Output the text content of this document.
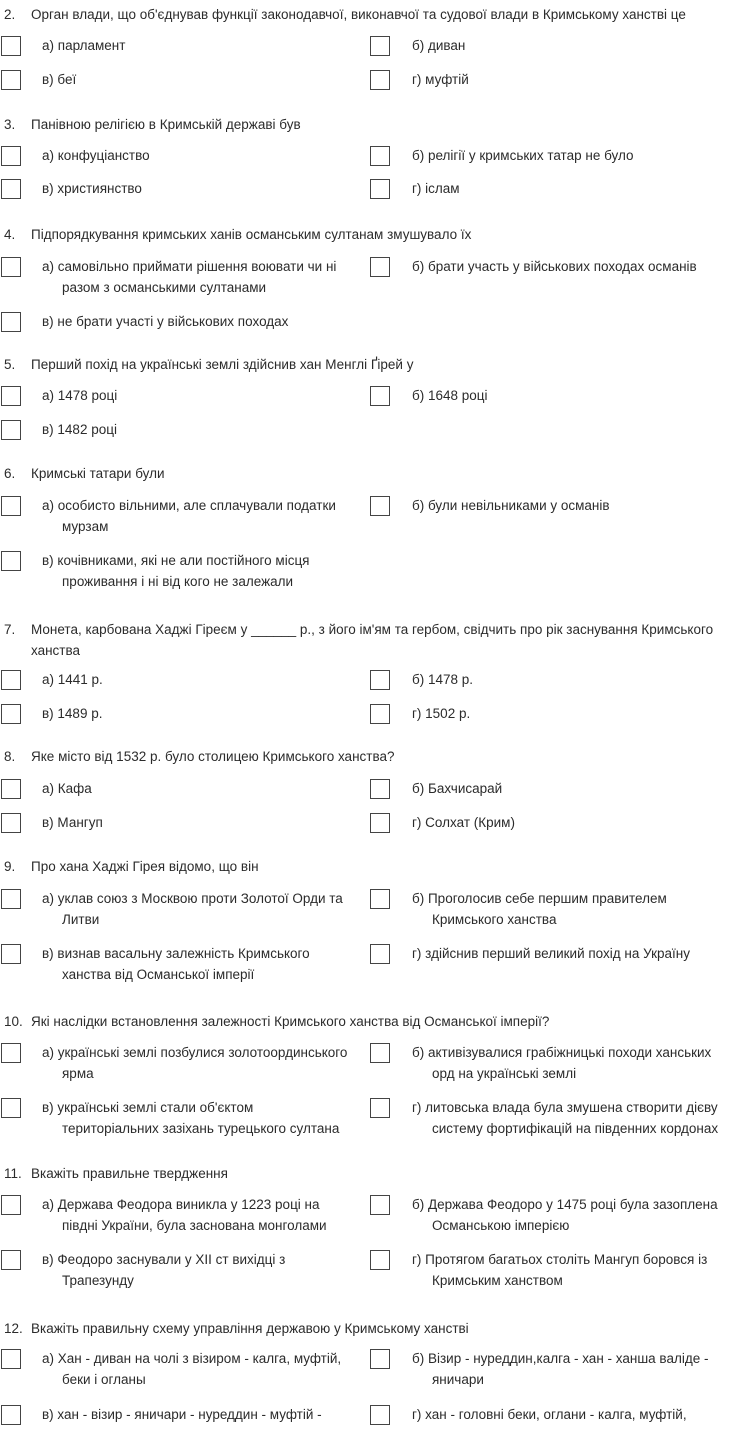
2. Орган влади, що об'єднував функції законодавчої, виконавчої та судової влади в Кримському ханстві це
а) парламент	б) диван
в) беї	г) муфтій
3. Панівною релігією в Кримській державі був
а) конфуціанство	б) релігії у кримських татар не було
в) християнство	г) іслам
4. Підпорядкування кримських ханів османським султанам змушувало їх
а) самовільно приймати рішення воювати чи ні
разом з османськими султанами
б) брати участь у військових походах османів
в) не брати участі у військових походах
5. Перший похід на українські землі здійснив хан Менглі Ґірей у
а) 1478 році	б) 1648 році
в) 1482 році
6. Кримські татари були
а) особисто вільними, але сплачували податки
мурзам
б) були невільниками у османів
в) кочівниками, які не али постійного місця
проживання і ні від кого не залежали
7. Монета, карбована Хаджі Гіреєм у ______ р., з його ім'ям та гербом, свідчить про рік заснування Кримського
ханства
а) 1441 р.	б) 1478 р.
в) 1489 р.	г) 1502 р.
8. Яке місто від 1532 р. було столицею Кримського ханства?
а) Кафа	б) Бахчисарай
в) Мангуп	г) Солхат (Крим)
9. Про хана Хаджі Гірея відомо, що він
а) уклав союз з Москвою проти Золотої Орди та
Литви
б) Проголосив себе першим правителем
Кримського ханства
в) визнав васальну залежність Кримського
ханства від Османської імперії
г) здійснив перший великий похід на Україну
10. Які наслідки встановлення залежності Кримського ханства від Османської імперії?
а) українські землі позбулися золотоординського
ярма
б) активізувалися грабіжницькі походи ханських
орд на українські землі
в) українські землі стали об'єктом
територіальних зазіхань турецького султана
г) литовська влада була змушена створити дієву
систему фортифікацій на південних кордонах
11. Вкажіть правильне твердження
а) Держава Феодора виникла у 1223 році на
півдні України, була заснована монголами
б) Держава Феодоро у 1475 році була зазоплена
Османською імперією
в) Феодоро заснували у XII ст вихідці з
Трапезунду
г) Протягом багатьох століть Мангуп боровся із
Кримським ханством
12. Вкажіть правильну схему управління державою у Кримському ханстві
а) Хан - диван на чолі з візиром - калга, муфтій,
беки і огланы
б) Візир - нуреддин,калга - хан - ханша валіде -
яничари
в) хан - візир - яничари - нуреддин - муфтій -	г) хан - головні беки, оглани - калга, муфтій,
